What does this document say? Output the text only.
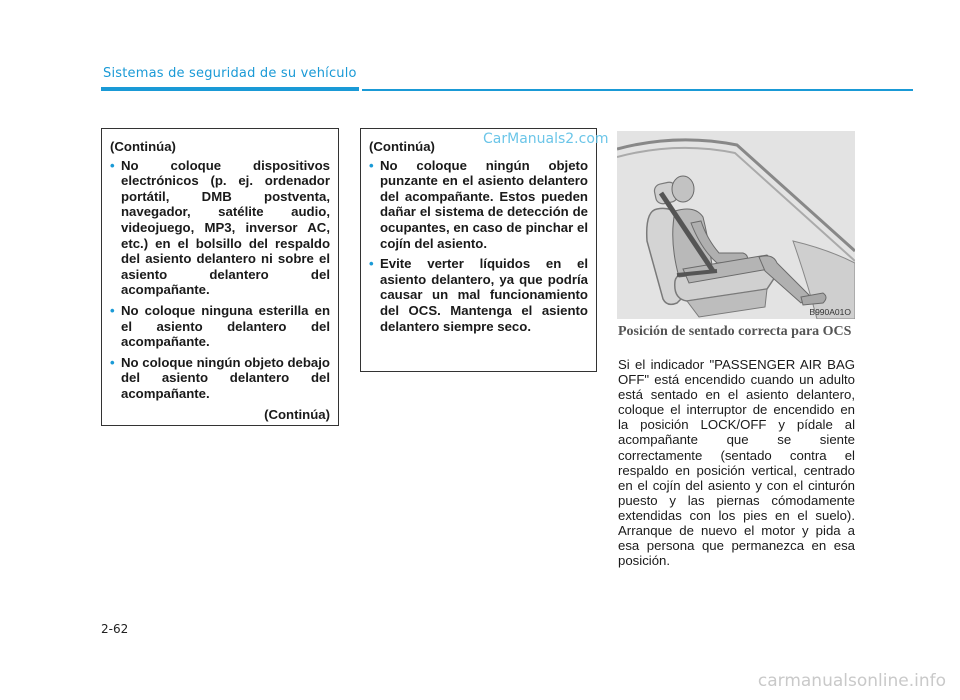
Sistemas de seguridad de su vehículo
(Continúa)
• No coloque dispositivos electrónicos (p. ej. ordenador portátil, DMB postventa, navegador, satélite audio, videojuego, MP3, inversor AC, etc.) en el bolsillo del respaldo del asiento delantero ni sobre el asiento delantero del acompañante.
• No coloque ninguna esterilla en el asiento delantero del acompañante.
• No coloque ningún objeto debajo del asiento delantero del acompañante.
(Continúa)
(Continúa)
• No coloque ningún objeto punzante en el asiento delantero del acompañante. Estos pueden dañar el sistema de detección de ocupantes, en caso de pinchar el cojín del asiento.
• Evite verter líquidos en el asiento delantero, ya que podría causar un mal funcionamiento del OCS. Mantenga el asiento delantero siempre seco.
CarManuals2.com
B990A01O
Posición de sentado correcta para OCS
Si el indicador "PASSENGER AIR BAG OFF" está encendido cuando un adulto está sentado en el asiento delantero, coloque el interruptor de encendido en la posición LOCK/OFF y pídale al acompañante que se siente correctamente (sentado contra el respaldo en posición vertical, centrado en el cojín del asiento y con el cinturón puesto y las piernas cómodamente extendidas con los pies en el suelo). Arranque de nuevo el motor y pida a esa persona que permanezca en esa posición.
2-62
carmanualsonline.info
